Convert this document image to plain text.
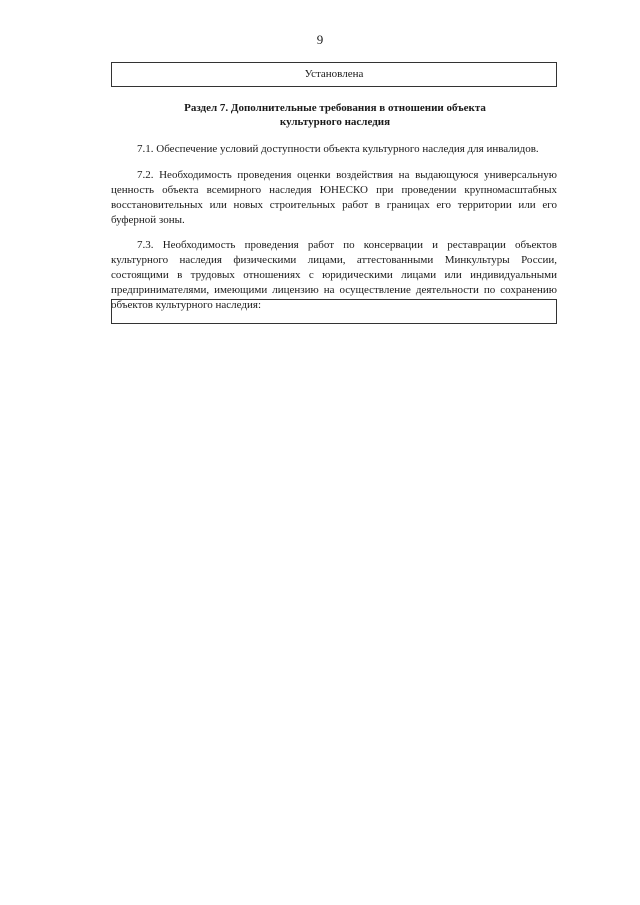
9
Установлена
Раздел 7. Дополнительные требования в отношении объекта
культурного наследия

7.1. Обеспечение условий доступности объекта культурного наследия для инвалидов.

7.2. Необходимость проведения оценки воздействия на выдающуюся универсальную ценность объекта всемирного наследия ЮНЕСКО при проведении крупномасштабных восстановительных или новых строительных работ в границах его территории или его буферной зоны.

7.3. Необходимость проведения работ по консервации и реставрации объектов культурного наследия физическими лицами, аттестованными Минкультуры России, состоящими в трудовых отношениях с юридическими лицами или индивидуальными предпринимателями, имеющими лицензию на осуществление деятельности по сохранению объектов культурного наследия:
